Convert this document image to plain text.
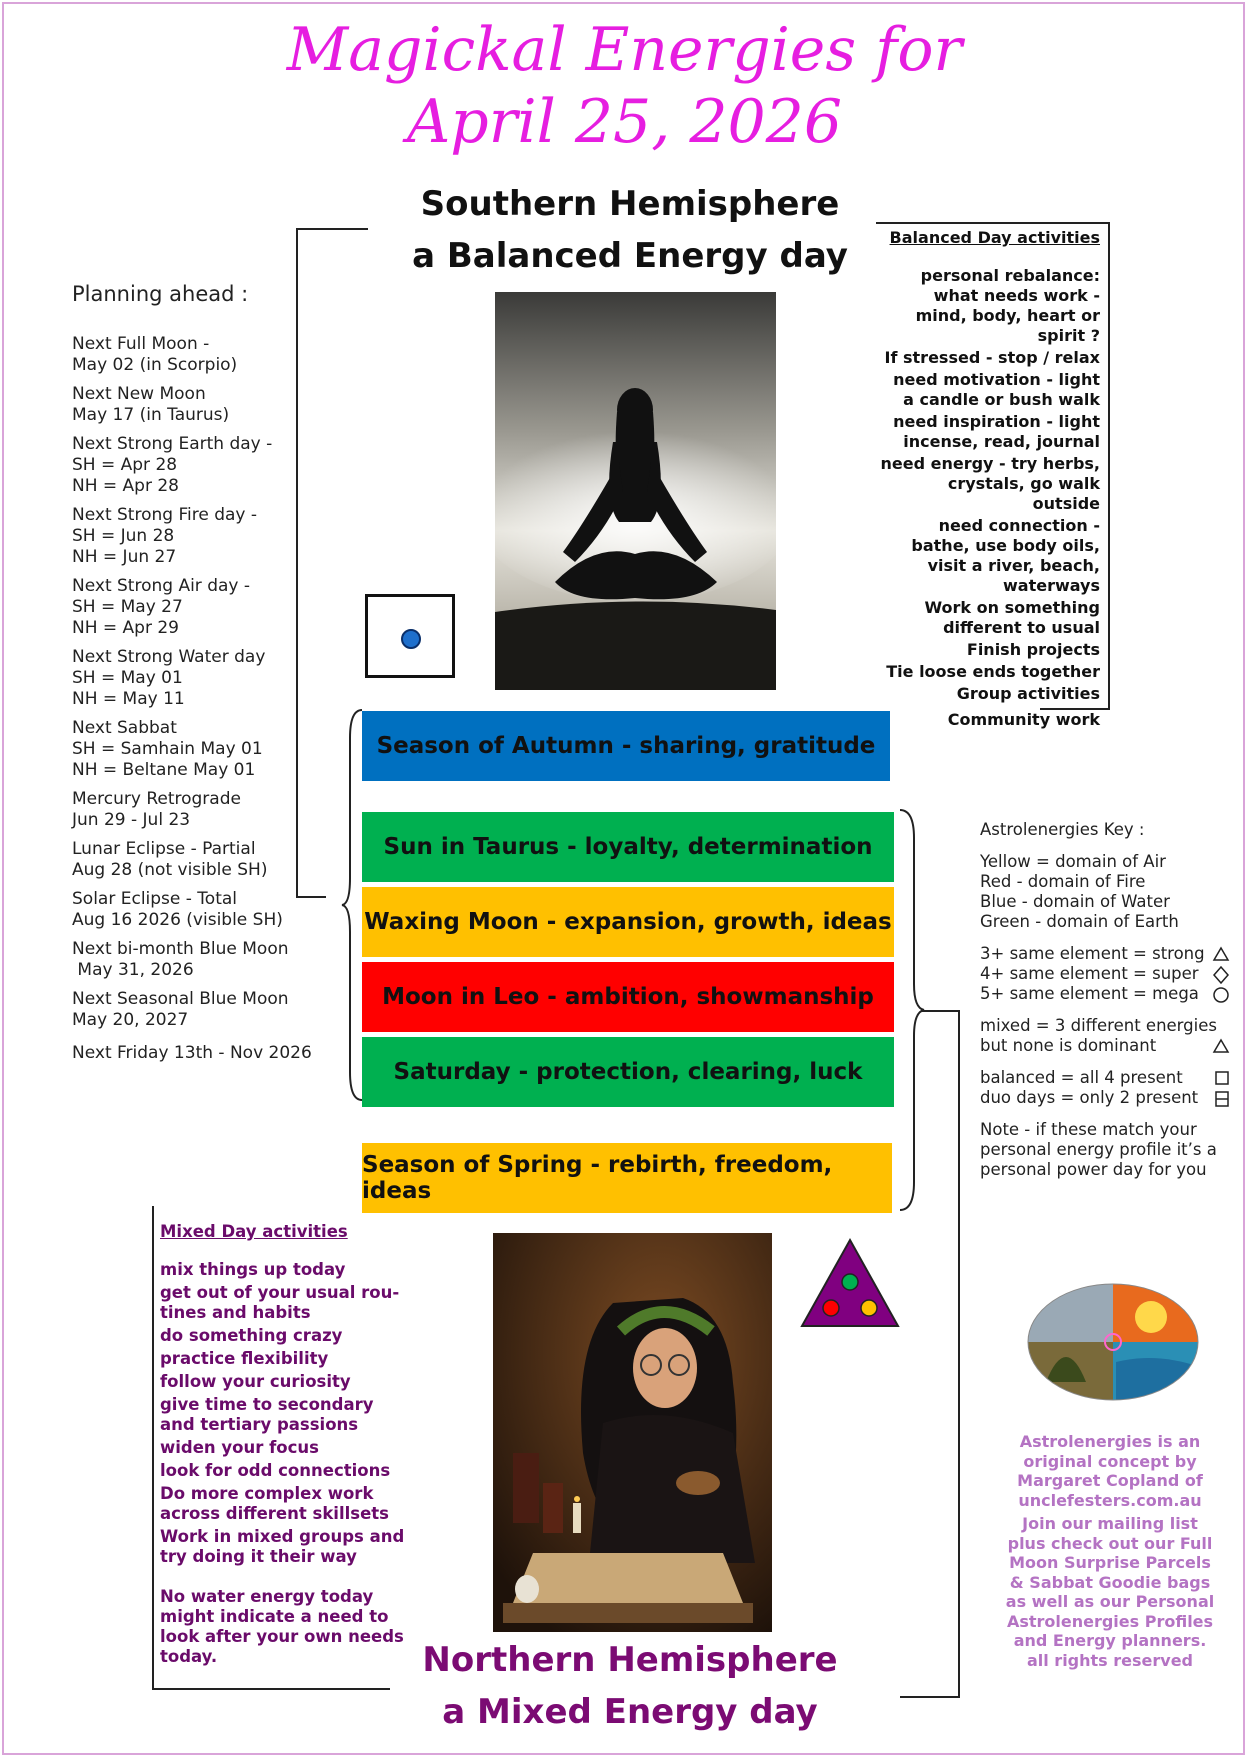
Magickal Energies for
April 25, 2026
Southern Hemisphere
a Balanced Energy day
Planning ahead :
Next Full Moon -
May 02 (in Scorpio)
Next New Moon
May 17 (in Taurus)
Next Strong Earth day -
SH = Apr 28
NH = Apr 28
Next Strong Fire day -
SH = Jun 28
NH = Jun 27
Next Strong Air day -
SH = May 27
NH = Apr 29
Next Strong Water day
SH = May 01
NH = May 11
Next Sabbat
SH = Samhain May 01
NH = Beltane May 01
Mercury Retrograde
Jun 29 - Jul 23
Lunar Eclipse - Partial
Aug 28 (not visible SH)
Solar Eclipse - Total
Aug 16 2026 (visible SH)
Next bi-month Blue Moon
May 31, 2026
Next Seasonal Blue Moon
May 20, 2027
Next Friday 13th - Nov 2026
Balanced Day activities
personal rebalance: what needs work - mind, body, heart or spirit ?
If stressed - stop / relax
need motivation - light a candle or bush walk
need inspiration - light incense, read, journal
need energy - try herbs, crystals, go walk outside
need connection - bathe, use body oils, visit a river, beach, waterways
Work on something different to usual
Finish projects
Tie loose ends together
Group activities
Community work
Season of Autumn - sharing, gratitude
Sun in Taurus - loyalty, determination
Waxing Moon - expansion, growth, ideas
Moon in Leo - ambition, showmanship
Saturday - protection, clearing, luck
Season of Spring - rebirth, freedom, ideas
Astrolenergies Key :
Yellow = domain of Air
Red - domain of Fire
Blue - domain of Water
Green - domain of Earth
3+ same element = strong
4+ same element = super
5+ same element = mega
mixed = 3 different energies
but none is dominant
balanced = all 4 present
duo days = only 2 present
Note - if these match your
personal energy profile it’s a
personal power day for you
Mixed Day activities
mix things up today
get out of your usual rou-tines and habits
do something crazy
practice flexibility
follow your curiosity
give time to secondary and tertiary passions
widen your focus
look for odd connections
Do more complex work across different skillsets
Work in mixed groups and try doing it their way
No water energy today might indicate a need to look after your own needs today.
Astrolenergies is an
original concept by
Margaret Copland of
unclefesters.com.au
Join our mailing list
plus check out our Full
Moon Surprise Parcels
& Sabbat Goodie bags
as well as our Personal
Astrolenergies Profiles
and Energy planners.
all rights reserved
Northern Hemisphere
a Mixed Energy day
